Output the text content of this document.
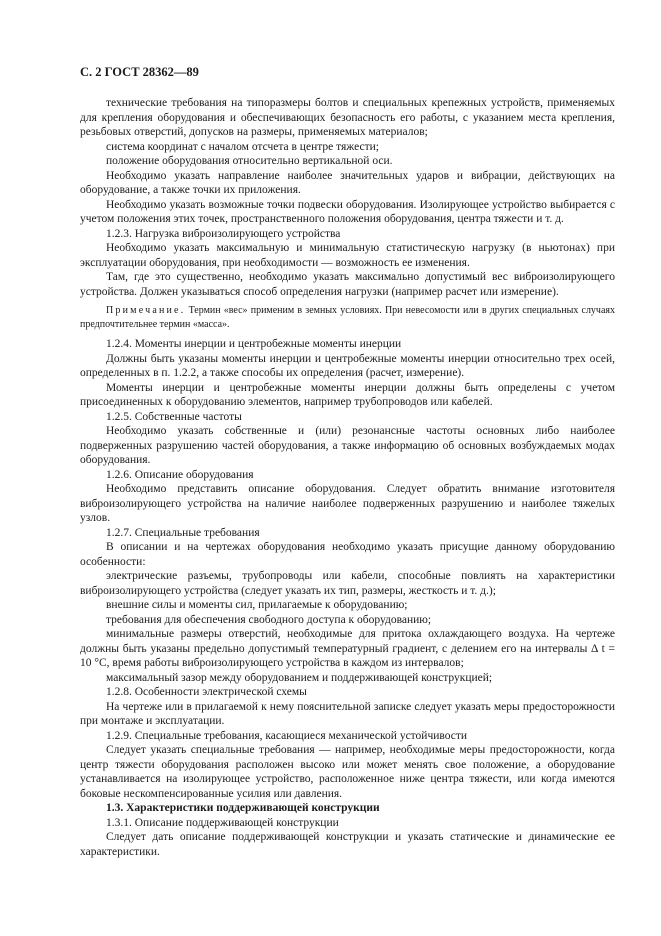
С. 2 ГОСТ 28362—89

технические требования на типоразмеры болтов и специальных крепежных устройств, применяемых для крепления оборудования и обеспечивающих безопасность его работы, с указанием места крепления, резьбовых отверстий, допусков на размеры, применяемых материалов;

система координат с началом отсчета в центре тяжести;

положение оборудования относительно вертикальной оси.

Необходимо указать направление наиболее значительных ударов и вибрации, действующих на оборудование, а также точки их приложения.

Необходимо указать возможные точки подвески оборудования. Изолирующее устройство выбирается с учетом положения этих точек, пространственного положения оборудования, центра тяжести и т. д.

1.2.3. Нагрузка виброизолирующего устройства

Необходимо указать максимальную и минимальную статистическую нагрузку (в ньютонах) при эксплуатации оборудования, при необходимости — возможность ее изменения.

Там, где это существенно, необходимо указать максимально допустимый вес виброизолирующего устройства. Должен указываться способ определения нагрузки (например расчет или измерение).

Примечание. Термин «вес» применим в земных условиях. При невесомости или в других специальных случаях предпочтительнее термин «масса».

1.2.4. Моменты инерции и центробежные моменты инерции

Должны быть указаны моменты инерции и центробежные моменты инерции относительно трех осей, определенных в п. 1.2.2, а также способы их определения (расчет, измерение).

Моменты инерции и центробежные моменты инерции должны быть определены с учетом присоединенных к оборудованию элементов, например трубопроводов или кабелей.

1.2.5. Собственные частоты

Необходимо указать собственные и (или) резонансные частоты основных либо наиболее подверженных разрушению частей оборудования, а также информацию об основных возбуждаемых модах оборудования.

1.2.6. Описание оборудования

Необходимо представить описание оборудования. Следует обратить внимание изготовителя виброизолирующего устройства на наличие наиболее подверженных разрушению и наиболее тяжелых узлов.

1.2.7. Специальные требования

В описании и на чертежах оборудования необходимо указать присущие данному оборудованию особенности:

электрические разъемы, трубопроводы или кабели, способные повлиять на характеристики виброизолирующего устройства (следует указать их тип, размеры, жесткость и т. д.);

внешние силы и моменты сил, прилагаемые к оборудованию;

требования для обеспечения свободного доступа к оборудованию;

минимальные размеры отверстий, необходимые для притока охлаждающего воздуха. На чертеже должны быть указаны предельно допустимый температурный градиент, с делением его на интервалы Δ t = 10 °С, время работы виброизолирующего устройства в каждом из интервалов;

максимальный зазор между оборудованием и поддерживающей конструкцией;

1.2.8. Особенности электрической схемы

На чертеже или в прилагаемой к нему пояснительной записке следует указать меры предосторожности при монтаже и эксплуатации.

1.2.9. Специальные требования, касающиеся механической устойчивости

Следует указать специальные требования — например, необходимые меры предосторожности, когда центр тяжести оборудования расположен высоко или может менять свое положение, а оборудование устанавливается на изолирующее устройство, расположенное ниже центра тяжести, или когда имеются боковые нескомпенсированные усилия или давления.

1.3. Характеристики поддерживающей конструкции

1.3.1. Описание поддерживающей конструкции

Следует дать описание поддерживающей конструкции и указать статические и динамические ее характеристики.
